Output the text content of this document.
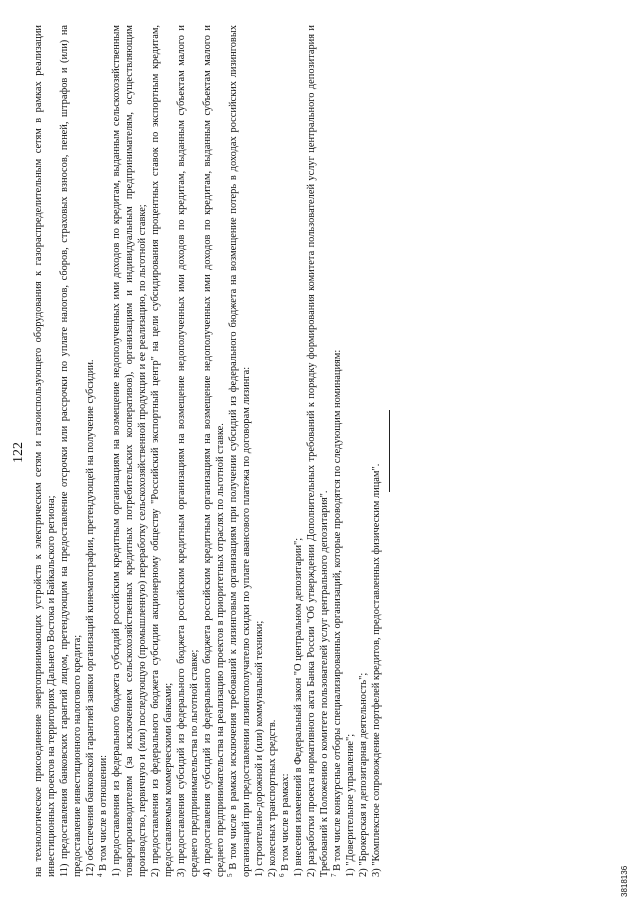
122 на технологическое присоединение энергопринимающих устройств к электрическим сетям и газоиспользующего оборудования к газораспределительным сетям в рамках реализации инвестиционных проектов на территориях Дальнего Востока и Байкальского региона; 11) предоставления банковских гарантий лицом, претендующим на предоставление отсрочки или рассрочки по уплате налогов, сборов, страховых взносов, пеней, штрафов и (или) на предоставление инвестиционного налогового кредита; 12) обеспечения банковской гарантией заявки организаций кинематографии, претендующей на получение субсидии. $^4$ В том числе в отношении: 1) предоставления из федерального бюджета субсидий российским кредитным организациям на возмещение недополученных ими доходов по кредитам, выданным сельскохозяйственным товаропроизводителям (за исключением сельскохозяйственных кредитных потребительских кооперативов), организациям и индивидуальным предпринимателям, осуществляющим производство, первичную и (или) последующую (промышленную) переработку сельскохозяйственной продукции и ее реализацию, по льготной ставке; 2) предоставления из федерального бюджета субсидии акционерному обществу "Российский экспортный центр" на цели субсидирования процентных ставок по экспортным кредитам, предоставляемым коммерческими банками; 3) предоставления субсидий из федерального бюджета российским кредитным организациям на возмещение недополученных ими доходов по кредитам, выданным субъектам малого и среднего предпринимательства по льготной ставке; 4) предоставления субсидий из федерального бюджета российским кредитным организациям на возмещение недополученных ими доходов по кредитам, выданным субъектам малого и среднего предпринимательства на реализацию проектов в приоритетных отраслях по льготной ставке. $^5$ В том числе в рамках исключения требований к лизинговым организациям при получении субсидий из федерального бюджета на возмещение потерь в доходах российских лизинговых организаций при предоставлении лизингополучателю скидки по уплате авансового платежа по договорам лизинга: 1) строительно-дорожной и (или) коммунальной техники; 2) колесных транспортных средств. $^6$ В том числе в рамках: 1) внесения изменений в Федеральный закон "О центральном депозитарии"; 2) разработки проекта нормативного акта Банка России "Об утверждении Дополнительных требований к порядку формирования комитета пользователей услуг центрального депозитария и Требований к Положению о комитете пользователей услуг центрального депозитария". $^7$ В том числе конкурсные отборы специализированных организаций, которые проводятся по следующим номинациям: 1) "Доверительное управление"; 2) "Брокерская и депозитарная деятельность"; 3) "Комплексное сопровождение портфелей кредитов, предоставленных физическим лицам".

3818136
